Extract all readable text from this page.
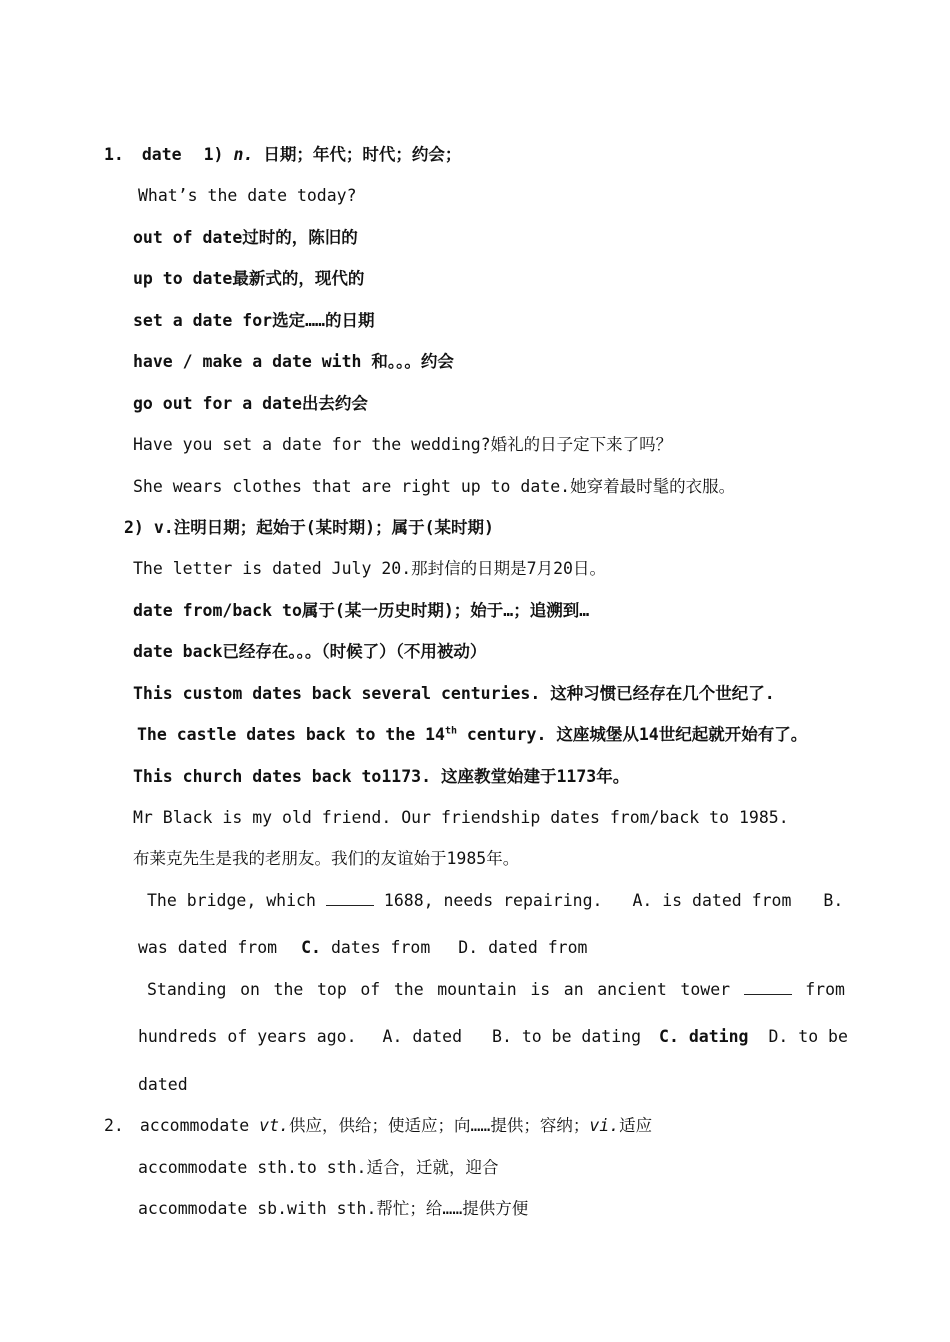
1. date 1) n. 日期；年代；时代；约会；
What’s the date today?
out of date过时的，陈旧的
up to date最新式的，现代的
set a date for选定……的日期
have / make a date with 和。。。约会
go out for a date出去约会
Have you set a date for the wedding?婚礼的日子定下来了吗？
She wears clothes that are right up to date.她穿着最时髦的衣服。
2) v.注明日期；起始于(某时期)；属于(某时期)
The letter is dated July 20.那封信的日期是7月20日。
date from/back to属于(某一历史时期)；始于…；追溯到…
date back已经存在。。。（时候了）（不用被动）
This custom dates back several centuries. 这种习惯已经存在几个世纪了.
The castle dates back to the 14th century. 这座城堡从14世纪起就开始有了。
This church dates back to1173. 这座教堂始建于1173年。
Mr Black is my old friend. Our friendship dates from/back to 1985.
布莱克先生是我的老朋友。我们的友谊始于1985年。
The bridge, which	1688, needs repairing. A. is dated from B.
was dated from C. dates from D. dated from
Standing on the top of the mountain is an ancient tower	from
hundreds of years ago. A. dated B. to be dating C. dating D. to be
dated
2. accommodate vt.供应，供给；使适应；向……提供；容纳；vi.适应
accommodate sth.to sth.适合，迁就，迎合
accommodate sb.with sth.帮忙；给……提供方便
